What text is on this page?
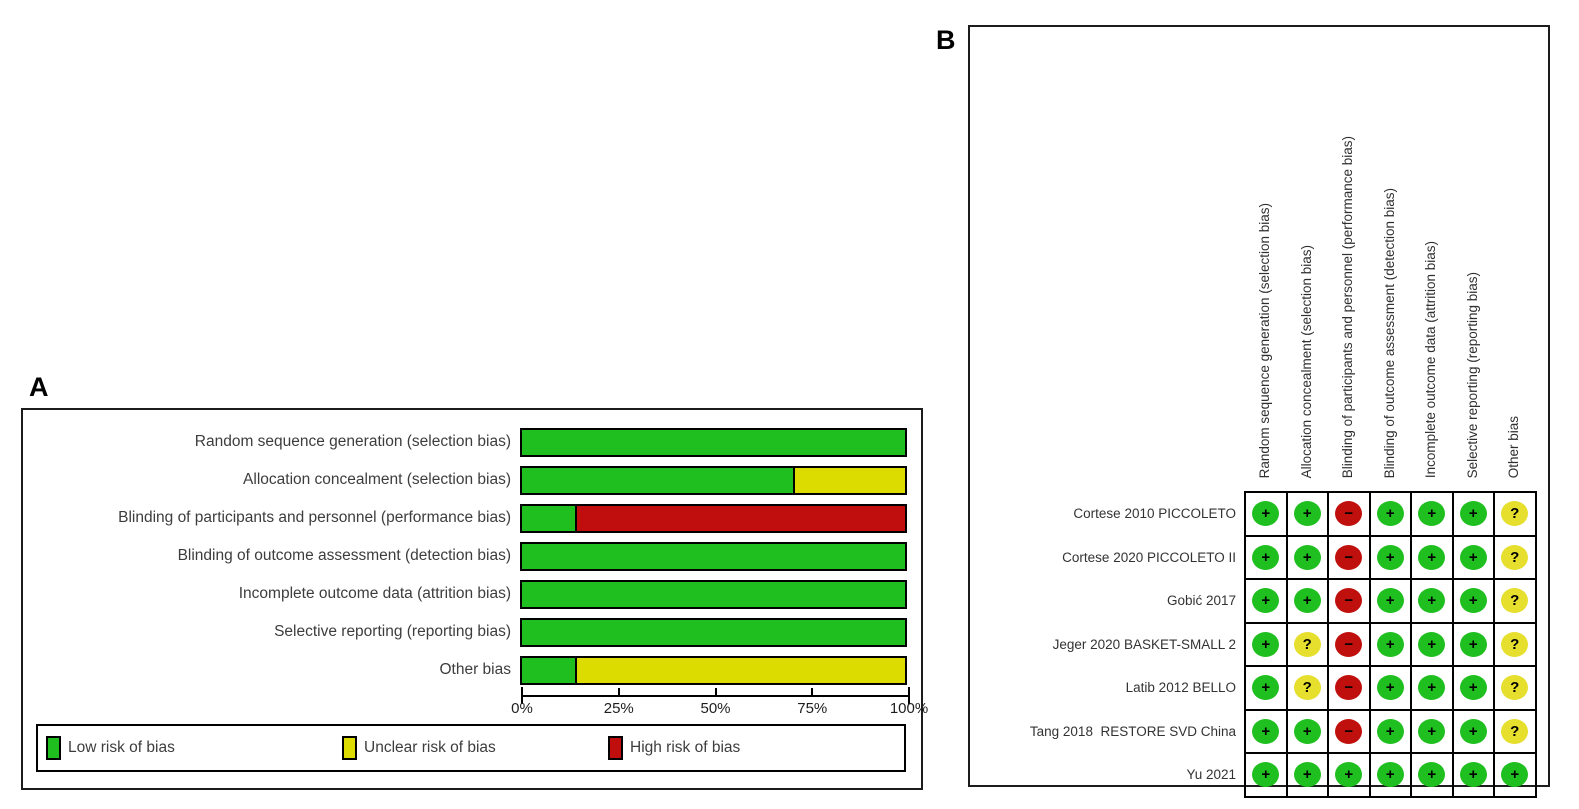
A
Random sequence generation (selection bias)
Allocation concealment (selection bias)
Blinding of participants and personnel (performance bias)
Blinding of outcome assessment (detection bias)
Incomplete outcome data (attrition bias)
Selective reporting (reporting bias)
Other bias
0%	25%	50%	75%	100%
Low risk of bias	Unclear risk of bias	High risk of bias
B
	Random sequence generation (selection bias)	Allocation concealment (selection bias)	Blinding of participants and personnel (performance bias)	Blinding of outcome assessment (detection bias)	Incomplete outcome data (attrition bias)	Selective reporting (reporting bias)	Other bias
Cortese 2010 PICCOLETO	+	+	−	+	+	+	?
Cortese 2020 PICCOLETO II	+	+	−	+	+	+	?
Gobić 2017	+	+	−	+	+	+	?
Jeger 2020 BASKET-SMALL 2	+	?	−	+	+	+	?
Latib 2012 BELLO	+	?	−	+	+	+	?
Tang 2018  RESTORE SVD China	+	+	−	+	+	+	?
Yu 2021	+	+	+	+	+	+	+
